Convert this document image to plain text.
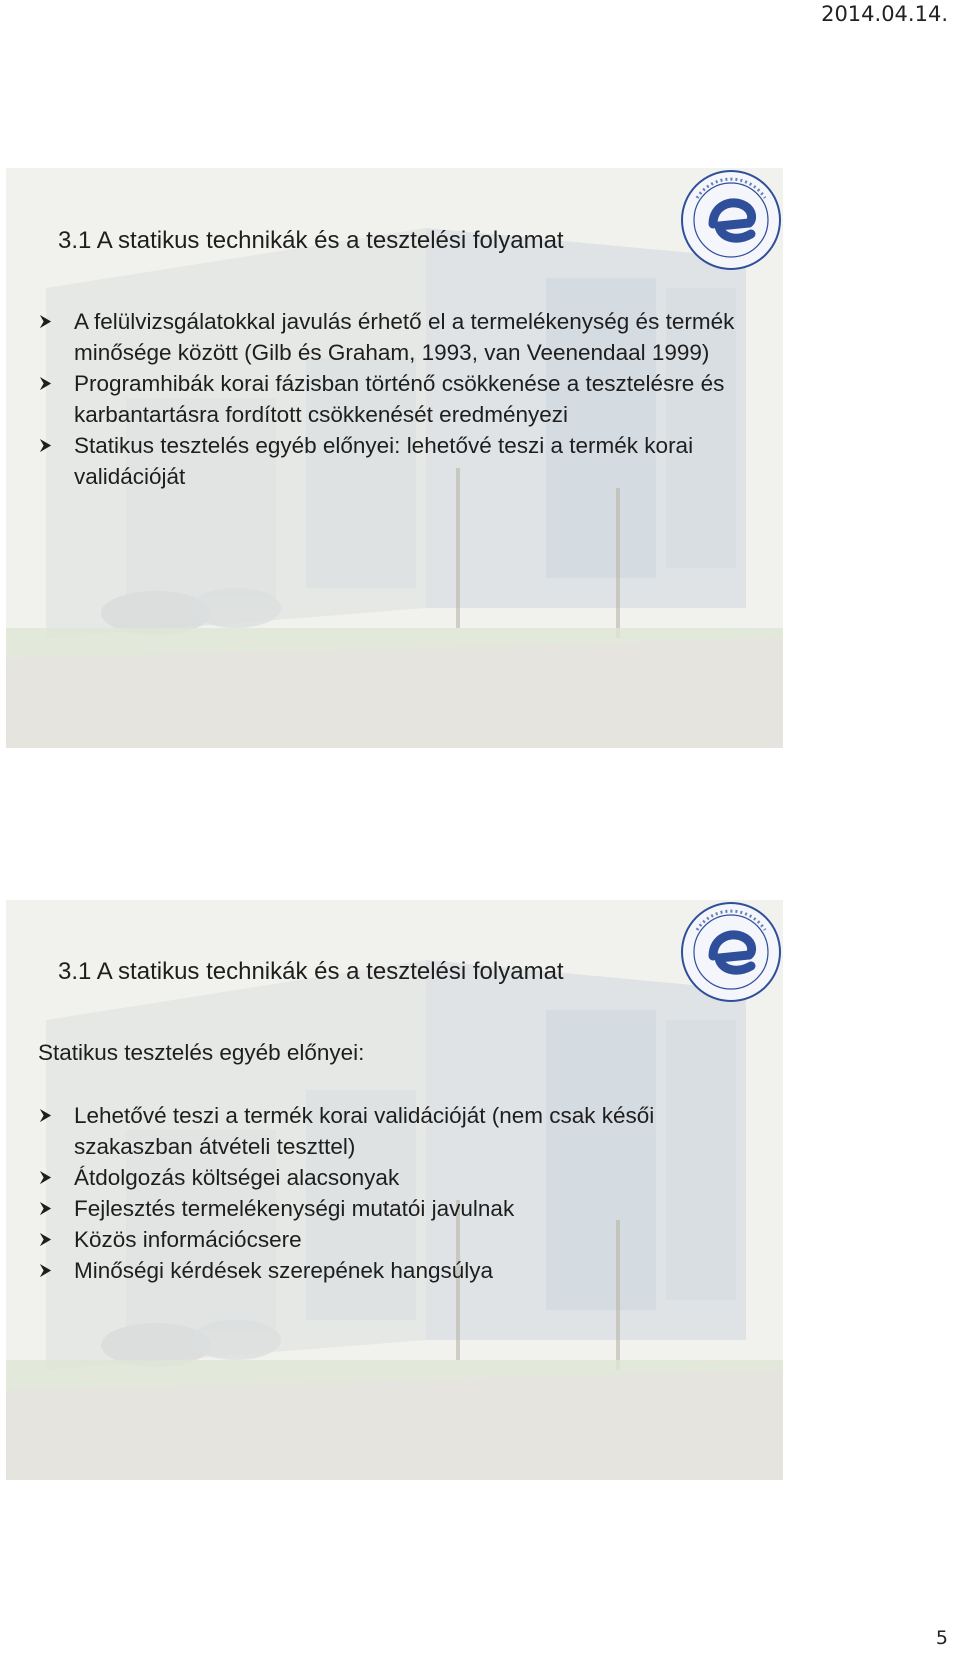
2014.04.14.
3.1 A statikus technikák és a tesztelési folyamat
A felülvizsgálatokkal javulás érhető el a termelékenység és termék minősége között (Gilb és Graham, 1993, van Veenendaal 1999)
Programhibák korai fázisban történő csökkenése a tesztelésre és karbantartásra fordított csökkenését eredményezi
Statikus tesztelés egyéb előnyei: lehetővé teszi a termék korai validációját
3.1 A statikus technikák és a tesztelési folyamat
Statikus tesztelés egyéb előnyei:
Lehetővé teszi a termék korai validációját (nem csak késői szakaszban átvételi teszttel)
Átdolgozás költségei alacsonyak
Fejlesztés termelékenységi mutatói javulnak
Közös információcsere
Minőségi kérdések szerepének hangsúlya
5
